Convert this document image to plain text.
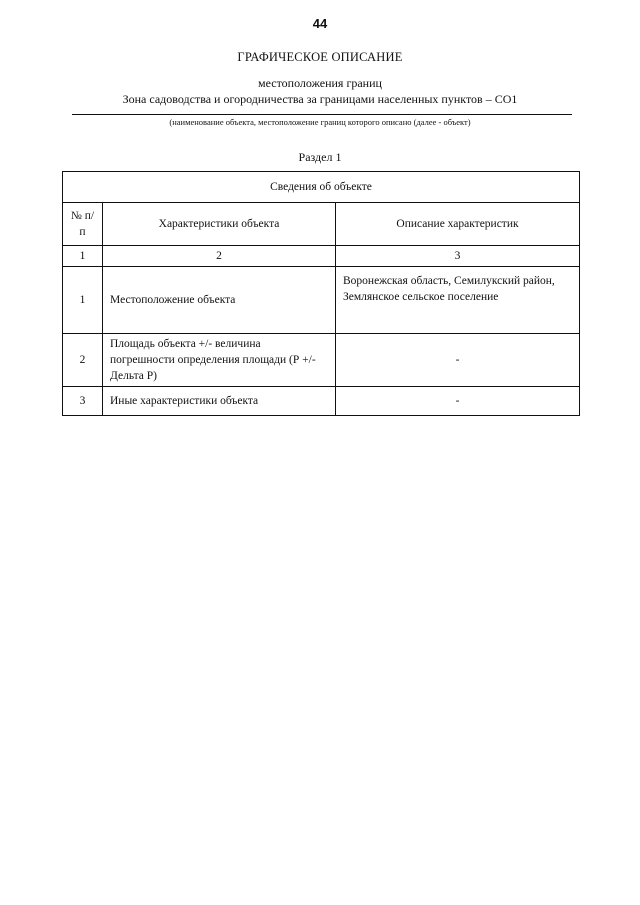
44
ГРАФИЧЕСКОЕ ОПИСАНИЕ
местоположения границ
Зона садоводства и огородничества за границами населенных пунктов – СО1
(наименование объекта, местоположение границ которого описано (далее - объект)
Раздел 1
Сведения об объекте		
№ п/п	Характеристики объекта	Описание характеристик
1	2	3
1	Местоположение объекта	Воронежская область, Семилукский район, Землянское сельское поселение
2	Площадь объекта +/- величина погрешности определения площади (Р +/- Дельта Р)	-
3	Иные характеристики объекта	-
